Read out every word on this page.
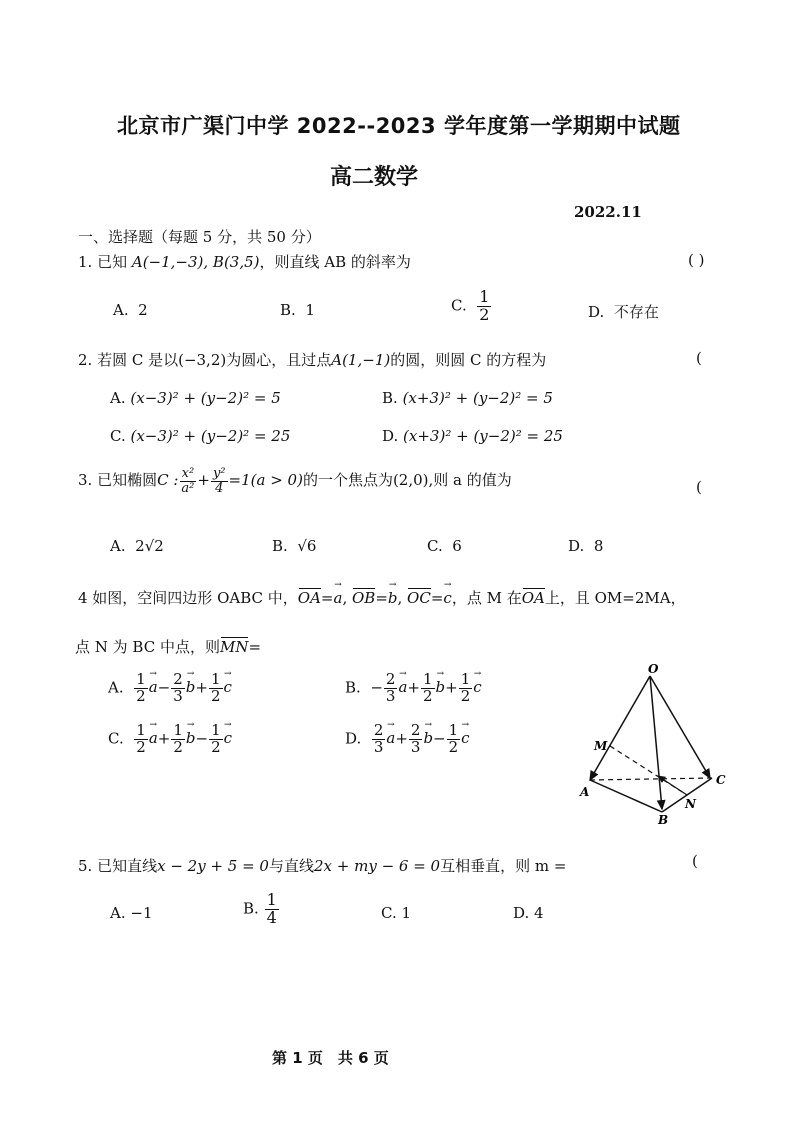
北京市广渠门中学 2022--2023 学年度第一学期期中试题
高二数学
2022.11
一、选择题（每题 5 分，共 50 分）
1. 已知 A(−1,−3), B(3,5)，则直线 AB 的斜率为	( )
A. 2	B. 1	C. $\frac{1}{2}$	D. 不存在
2. 若圆 C 是以(−3,2)为圆心，且过点A(1,−1)的圆，则圆 C 的方程为	(
A. (x−3)² + (y−2)² = 5	B. (x+3)² + (y−2)² = 5
C. (x−3)² + (y−2)² = 25	D. (x+3)² + (y−2)² = 25
3. 已知椭圆C : $\frac{\text{x²}}{\text{a²}} + \frac{\text{y²}}{4} =1(a > 0)$的一个焦点为(2,0),则 a 的值为	(
A. 2√2	B. √6	C. 6	D. 8
4 如图，空间四边形 OABC 中，OA=a →, OB=b →, OC=c →，点 M 在OA上，且 OM=2MA，
点 N 为 BC 中点，则MN=
A. $\frac{1}{2}$ $a \to- \frac{2}{3}$ $b \to+ \frac{1}{2}$ c →	B. − $\frac{2}{3}$ $a \to+ \frac{1}{2}$ $b \to+ \frac{1}{2}$ c →
C. $\frac{1}{2}$ $a \to+ \frac{1}{2}$ $b \to- \frac{1}{2}$ c →	D. $\frac{2}{3}$ $a \to+ \frac{2}{3}$ $b \to- \frac{1}{2}$ c →
O
M
A
B
C
N
5. 已知直线x − 2y + 5 = 0与直线2x + my − 6 = 0互相垂直，则 m =	(
A. −1	B. $\frac{1}{4}$	C. 1	D. 4
第 1 页　共 6 页
